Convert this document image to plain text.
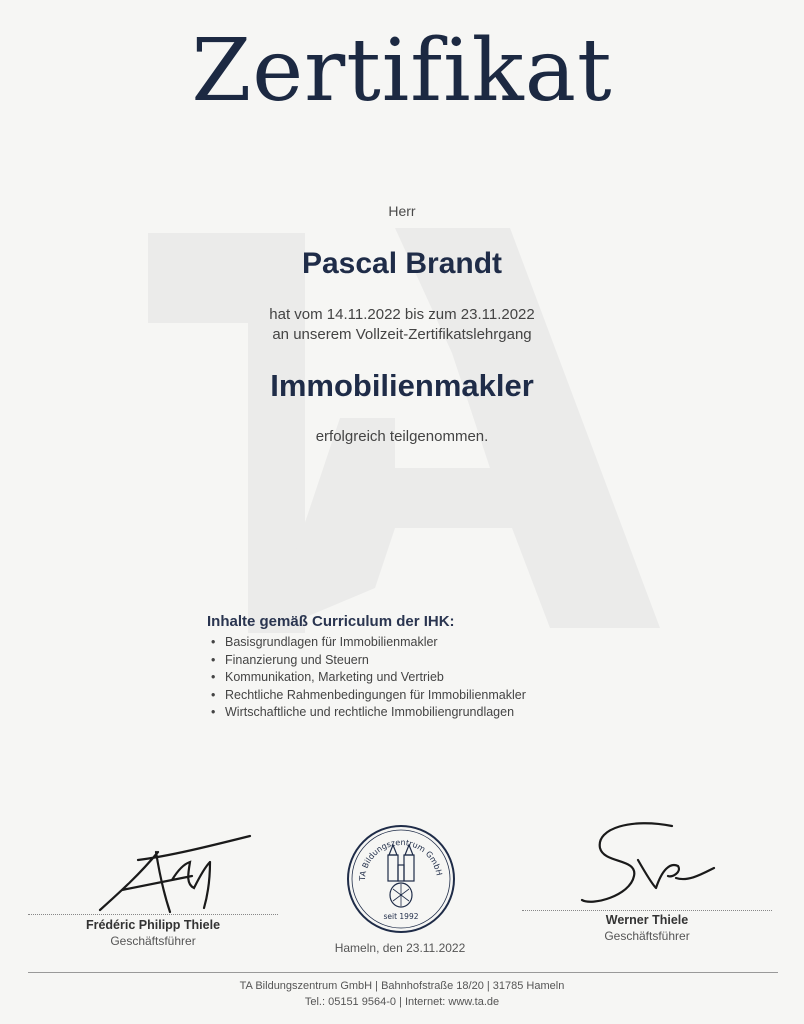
Zertifikat
Herr
Pascal Brandt
hat vom 14.11.2022 bis zum 23.11.2022
an unserem Vollzeit-Zertifikatslehrgang
Immobilienmakler
erfolgreich teilgenommen.
Inhalte gemäß Curriculum der IHK:
• Basisgrundlagen für Immobilienmakler
• Finanzierung und Steuern
• Kommunikation, Marketing und Vertrieb
• Rechtliche Rahmenbedingungen für Immobilienmakler
• Wirtschaftliche und rechtliche Immobiliengrundlagen
Frédéric Philipp Thiele
Geschäftsführer
Werner Thiele
Geschäftsführer
TA Bildungszentrum GmbH
seit 1992
Hameln, den 23.11.2022
TA Bildungszentrum GmbH | Bahnhofstraße 18/20 | 31785 Hameln
Tel.: 05151 9564-0 | Internet: www.ta.de
